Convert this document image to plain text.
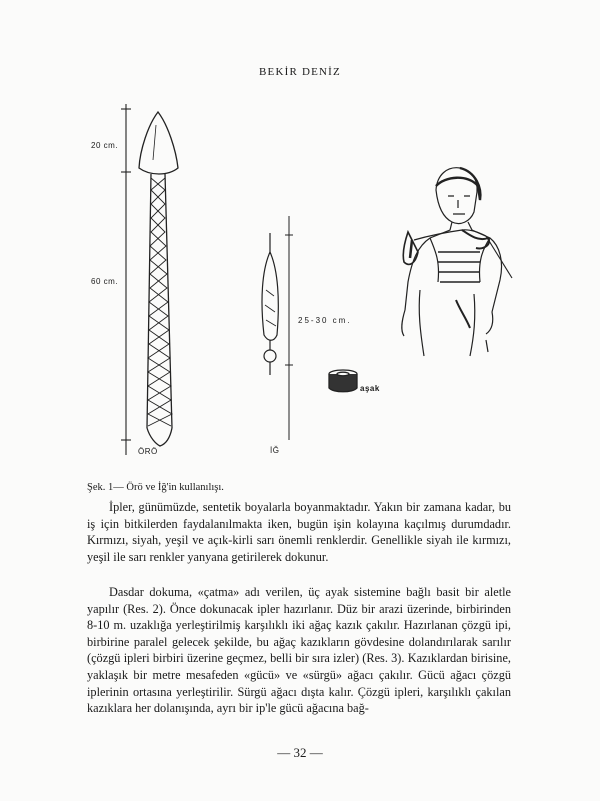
BEKİR DENİZ
20 cm.
60 cm.
25-30 cm.
ÖRÖ	İĞ
aşak
Şek. 1— Örö ve İğ'in kullanılışı.

İpler, günümüzde, sentetik boyalarla boyanmaktadır. Yakın bir zamana kadar, bu iş için bitkilerden faydalanılmakta iken, bugün işin kolayına kaçılmış durumdadır. Kırmızı, siyah, yeşil ve açık-kirli sarı önemli renklerdir. Genellikle siyah ile kırmızı, yeşil ile sarı renkler yanyana getirilerek dokunur.

Dasdar dokuma, «çatma» adı verilen, üç ayak sistemine bağlı basit bir aletle yapılır (Res. 2). Önce dokunacak ipler hazırlanır. Düz bir arazi üzerinde, birbirinden 8-10 m. uzaklığa yerleştirilmiş karşılıklı iki ağaç kazık çakılır. Hazırlanan çözgü ipi, birbirine paralel gelecek şekilde, bu ağaç kazıkların gövdesine dolandırılarak sarılır (çözgü ipleri birbiri üzerine geçmez, belli bir sıra izler) (Res. 3). Kazıklardan birisine, yaklaşık bir metre mesafeden «gücü» ve «sürgü» ağacı çakılır. Gücü ağacı çözgü iplerinin ortasına yerleştirilir. Sürgü ağacı dışta kalır. Çözgü ipleri, karşılıklı çakılan kazıklara her dolanışında, ayrı bir ip'le gücü ağacına bağ-

— 32 —
